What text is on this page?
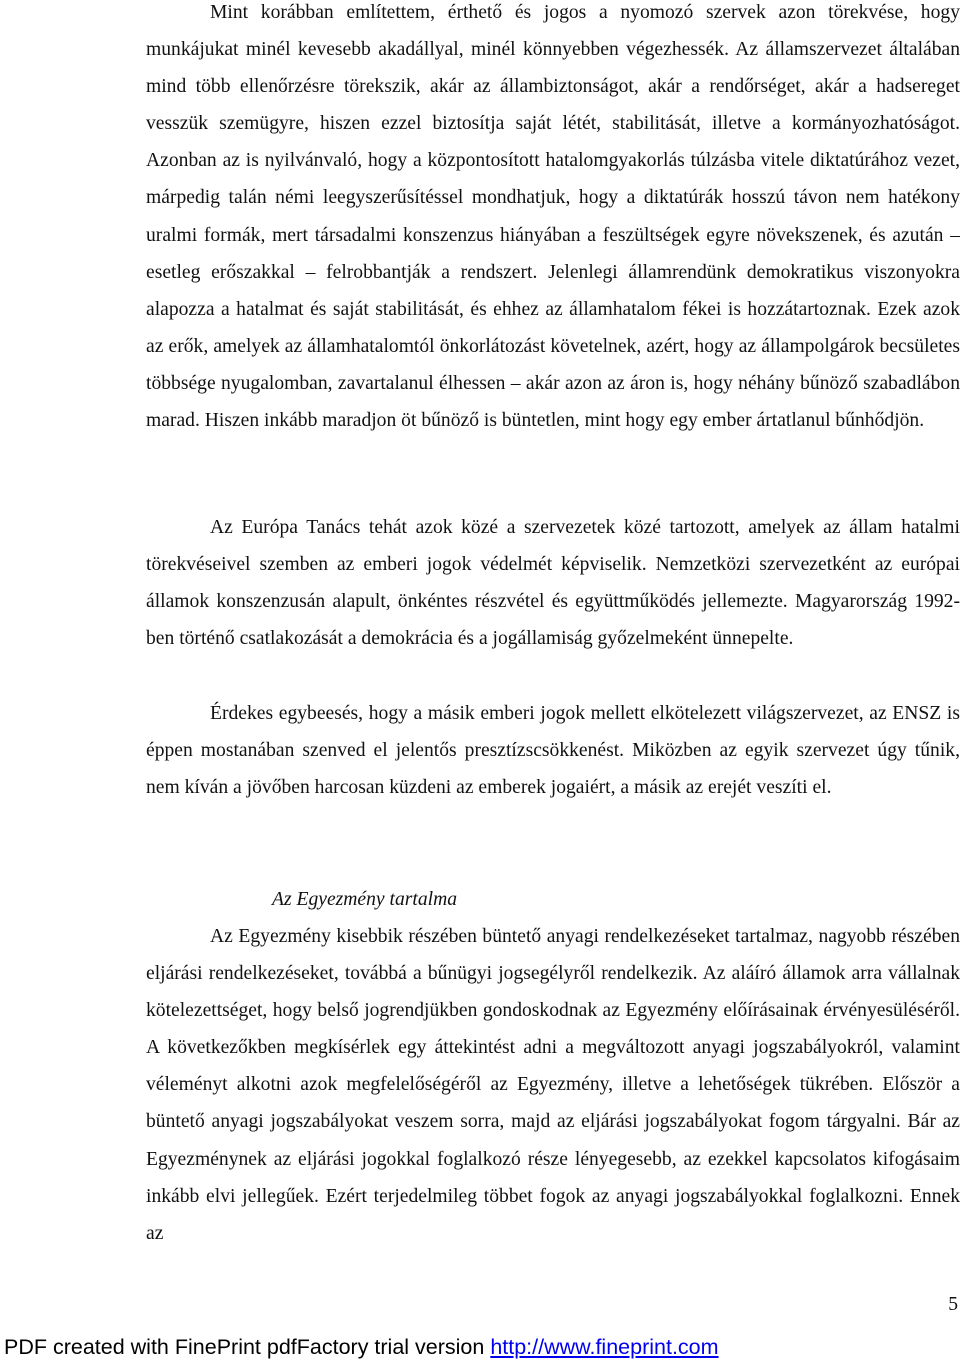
Mint korábban említettem, érthető és jogos a nyomozó szervek azon törekvése, hogy munkájukat minél kevesebb akadállyal, minél könnyebben végezhessék. Az államszervezet általában mind több ellenőrzésre törekszik, akár az állambiztonságot, akár a rendőrséget, akár a hadsereget vesszük szemügyre, hiszen ezzel biztosítja saját létét, stabilitását, illetve a kormányozhatóságot. Azonban az is nyilvánvaló, hogy a központosított hatalomgyakorlás túlzásba vitele diktatúrához vezet, márpedig talán némi leegyszerűsítéssel mondhatjuk, hogy a diktatúrák hosszú távon nem hatékony uralmi formák, mert társadalmi konszenzus hiányában a feszültségek egyre növekszenek, és azután – esetleg erőszakkal – felrobbantják a rendszert. Jelenlegi államrendünk demokratikus viszonyokra alapozza a hatalmat és saját stabilitását, és ehhez az államhatalom fékei is hozzátartoznak. Ezek azok az erők, amelyek az államhatalomtól önkorlátozást követelnek, azért, hogy az állampolgárok becsületes többsége nyugalomban, zavartalanul élhessen – akár azon az áron is, hogy néhány bűnöző szabadlábon marad. Hiszen inkább maradjon öt bűnöző is büntetlen, mint hogy egy ember ártatlanul bűnhődjön.

Az Európa Tanács tehát azok közé a szervezetek közé tartozott, amelyek az állam hatalmi törekvéseivel szemben az emberi jogok védelmét képviselik. Nemzetközi szervezetként az európai államok konszenzusán alapult, önkéntes részvétel és együttműködés jellemezte. Magyarország 1992-ben történő csatlakozását a demokrácia és a jogállamiság győzelmeként ünnepelte.

Érdekes egybeesés, hogy a másik emberi jogok mellett elkötelezett világszervezet, az ENSZ is éppen mostanában szenved el jelentős presztízscsökkenést. Miközben az egyik szervezet úgy tűnik, nem kíván a jövőben harcosan küzdeni az emberek jogaiért, a másik az erejét veszíti el.

Az Egyezmény tartalma

Az Egyezmény kisebbik részében büntető anyagi rendelkezéseket tartalmaz, nagyobb részében eljárási rendelkezéseket, továbbá a bűnügyi jogsegélyről rendelkezik. Az aláíró államok arra vállalnak kötelezettséget, hogy belső jogrendjükben gondoskodnak az Egyezmény előírásainak érvényesüléséről. A következőkben megkísérlek egy áttekintést adni a megváltozott anyagi jogszabályokról, valamint véleményt alkotni azok megfelelőségéről az Egyezmény, illetve a lehetőségek tükrében. Először a büntető anyagi jogszabályokat veszem sorra, majd az eljárási jogszabályokat fogom tárgyalni. Bár az Egyezménynek az eljárási jogokkal foglalkozó része lényegesebb, az ezekkel kapcsolatos kifogásaim inkább elvi jellegűek. Ezért terjedelmileg többet fogok az anyagi jogszabályokkal foglalkozni. Ennek az

5
PDF created with FinePrint pdfFactory trial version http://www.fineprint.com
